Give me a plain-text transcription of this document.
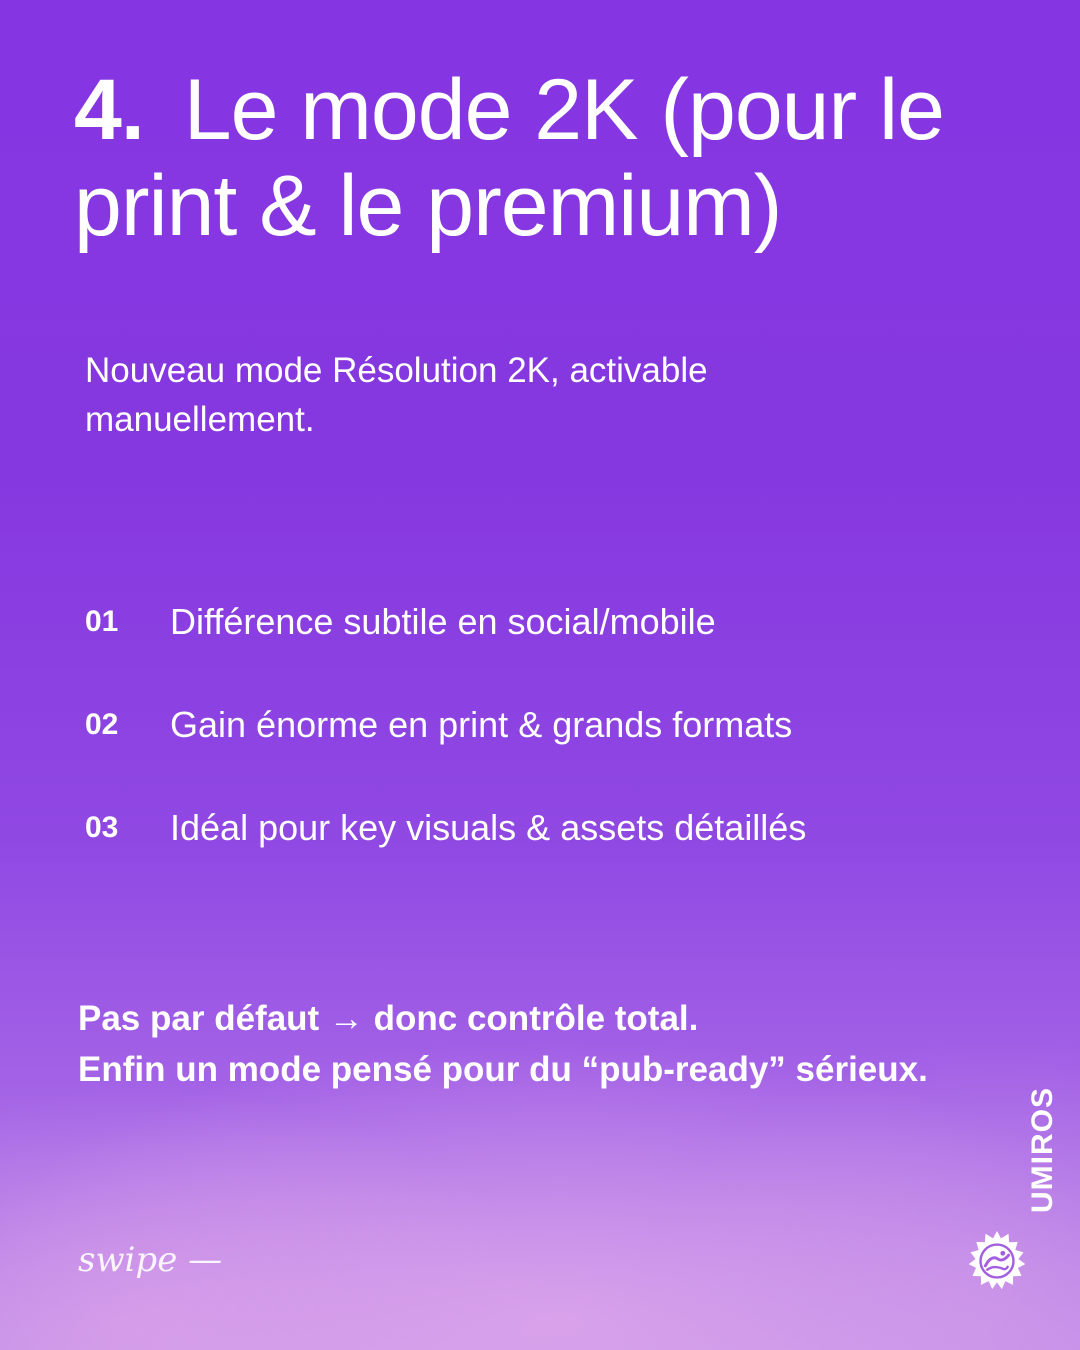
4. Le mode 2K (pour le print & le premium)

Nouveau mode Résolution 2K, activable manuellement.

01 Différence subtile en social/mobile
02 Gain énorme en print & grands formats
03 Idéal pour key visuals & assets détaillés

Pas par défaut → donc contrôle total.
Enfin un mode pensé pour du “pub-ready” sérieux.

swipe —
UMIROS
